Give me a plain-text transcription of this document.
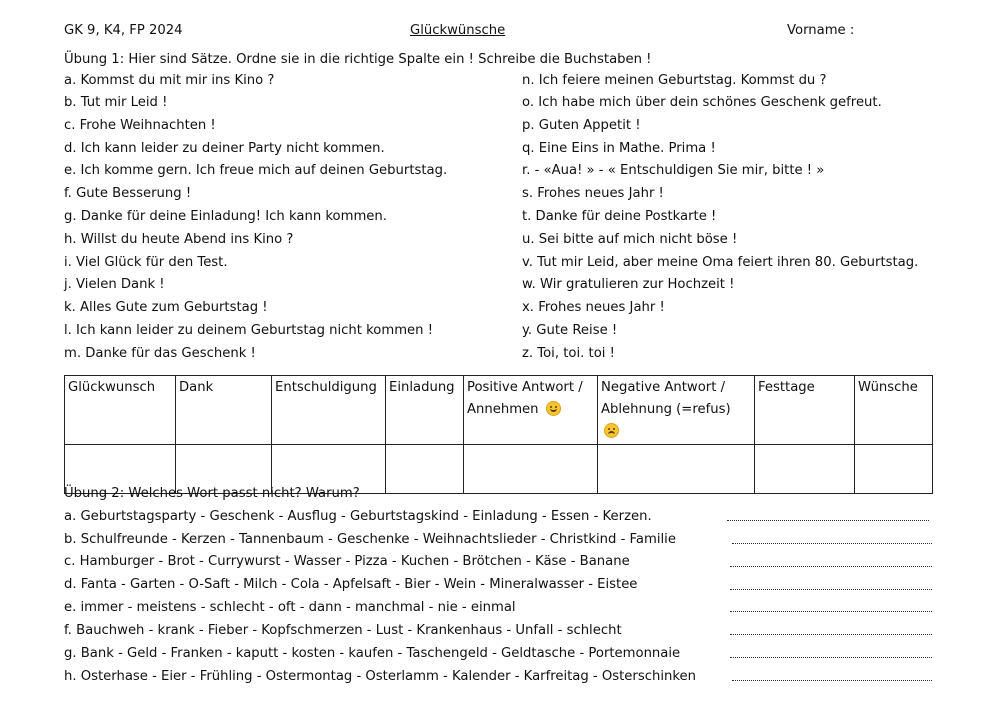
GK 9, K4, FP 2024	Glückwünsche	Vorname :
Übung 1: Hier sind Sätze. Ordne sie in die richtige Spalte ein ! Schreibe die Buchstaben !
a. Kommst du mit mir ins Kino ?
b. Tut mir Leid !
c. Frohe Weihnachten !
d. Ich kann leider zu deiner Party nicht kommen.
e. Ich komme gern. Ich freue mich auf deinen Geburtstag.
f. Gute Besserung !
g. Danke für deine Einladung! Ich kann kommen.
h. Willst du heute Abend ins Kino ?
i. Viel Glück für den Test.
j. Vielen Dank !
k. Alles Gute zum Geburtstag !
l. Ich kann leider zu deinem Geburtstag nicht kommen !
m. Danke für das Geschenk !
n. Ich feiere meinen Geburtstag. Kommst du ?
o. Ich habe mich über dein schönes Geschenk gefreut.
p. Guten Appetit !
q. Eine Eins in Mathe. Prima !
r. - «Aua! » - « Entschuldigen Sie mir, bitte ! »
s. Frohes neues Jahr !
t. Danke für deine Postkarte !
u. Sei bitte auf mich nicht böse !
v. Tut mir Leid, aber meine Oma feiert ihren 80. Geburtstag.
w. Wir gratulieren zur Hochzeit !
x. Frohes neues Jahr !
y. Gute Reise !
z. Toi, toi. toi !
Glückwunsch	Dank	Entschuldigung	Einladung	Positive Antwort /
Annehmen	Negative Antwort /
Ablehnung (=refus)	Festtage	Wünsche

Übung 2: Welches Wort passt nicht? Warum?
a. Geburtstagsparty - Geschenk - Ausflug - Geburtstagskind - Einladung - Essen - Kerzen.
b. Schulfreunde - Kerzen - Tannenbaum - Geschenke - Weihnachtslieder - Christkind - Familie
c. Hamburger - Brot - Currywurst - Wasser - Pizza - Kuchen - Brötchen - Käse - Banane
d. Fanta - Garten - O-Saft - Milch - Cola - Apfelsaft - Bier - Wein - Mineralwasser - Eistee
e. immer - meistens - schlecht - oft - dann - manchmal - nie - einmal
f. Bauchweh - krank - Fieber - Kopfschmerzen - Lust - Krankenhaus - Unfall - schlecht
g. Bank - Geld - Franken - kaputt - kosten - kaufen - Taschengeld - Geldtasche - Portemonnaie
h. Osterhase - Eier - Frühling - Ostermontag - Osterlamm - Kalender - Karfreitag - Osterschinken
